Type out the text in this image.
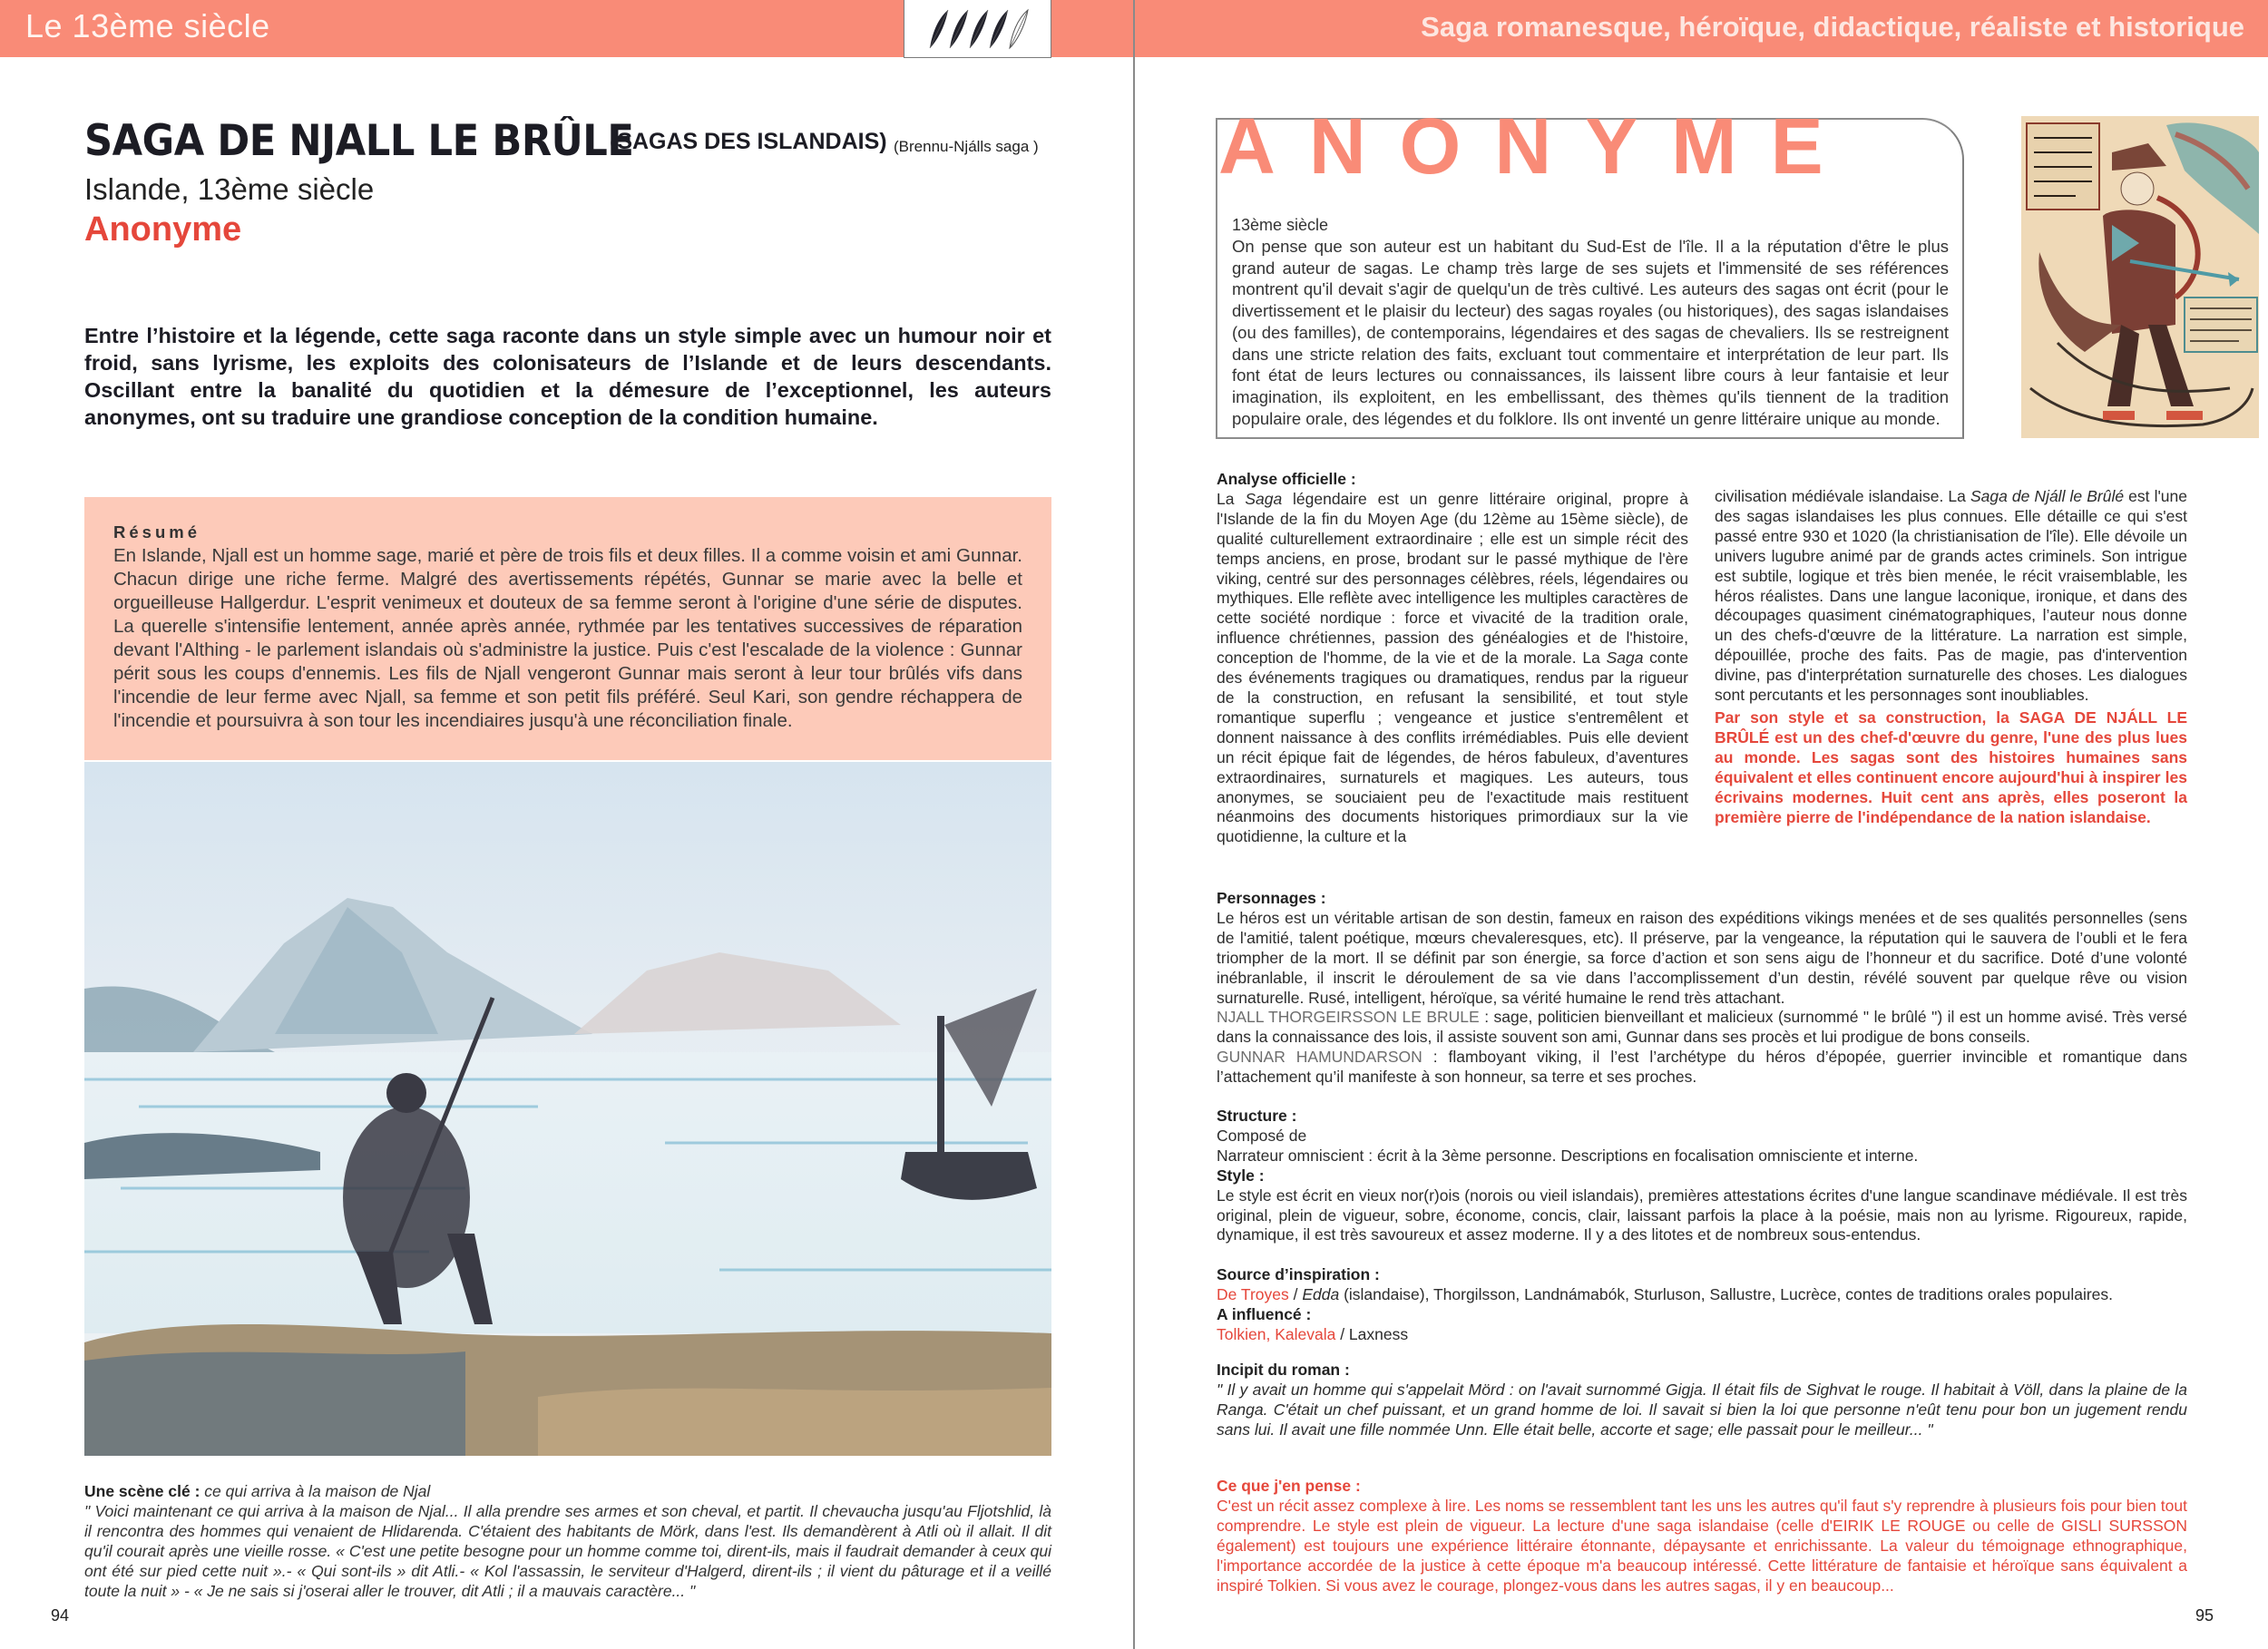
Le 13ème siècle	Saga romanesque, héroïque, didactique, réaliste et historique
SAGA DE NJALL LE BRÛLE
(SAGAS DES ISLANDAIS) (Brennu-Njálls saga )
Islande, 13ème siècle
Anonyme

Entre l’histoire et la légende, cette saga raconte dans un style simple avec un humour noir et froid, sans lyrisme, les exploits des colonisateurs de l’Islande et de leurs descendants. Oscillant entre la banalité du quotidien et la démesure de l’exceptionnel, les auteurs anonymes, ont su traduire une grandiose conception de la condition humaine.

Résumé

En Islande, Njall est un homme sage, marié et père de trois fils et deux filles. Il a comme voisin et ami Gunnar. Chacun dirige une riche ferme. Malgré des avertissements répétés, Gunnar se marie avec la belle et orgueilleuse Hallgerdur. L'esprit venimeux et douteux de sa femme seront à l'origine d'une série de disputes. La querelle s'intensifie lentement, année après année, rythmée par les tentatives successives de réparation devant l'Althing - le parlement islandais où s'administre la justice. Puis c'est l'escalade de la violence : Gunnar périt sous les coups d'ennemis. Les fils de Njall vengeront Gunnar mais seront à leur tour brûlés vifs dans l'incendie de leur ferme avec Njall, sa femme et son petit fils préféré. Seul Kari, son gendre réchappera de l'incendie et poursuivra à son tour les incendiaires jusqu'à une réconciliation finale.

Une scène clé : ce qui arriva à la maison de Njal

" Voici maintenant ce qui arriva à la maison de Njal... Il alla prendre ses armes et son cheval, et partit. Il chevaucha jusqu'au Fljotshlid, là il rencontra des hommes qui venaient de Hlidarenda. C'étaient des habitants de Mörk, dans l'est. Ils demandèrent à Atli où il allait. Il dit qu'il courait après une vieille rosse. « C'est une petite besogne pour un homme comme toi, dirent-ils, mais il faudrait demander à ceux qui ont été sur pied cette nuit ».- « Qui sont-ils » dit Atli.- « Kol l'assassin, le serviteur d'Halgerd, dirent-ils ; il vient du pâturage et il a veillé toute la nuit » - « Je ne sais si j'oserai aller le trouver, dit Atli ; il a mauvais caractère... "

94
ANONYME
13ème siècle

On pense que son auteur est un habitant du Sud-Est de l'île. Il a la réputation d'être le plus grand auteur de sagas. Le champ très large de ses sujets et l'immensité de ses références montrent qu'il devait s'agir de quelqu'un de très cultivé. Les auteurs des sagas ont écrit (pour le divertissement et le plaisir du lecteur) des sagas royales (ou historiques), des sagas islandaises (ou des familles), de contemporains, légendaires et des sagas de chevaliers. Ils se restreignent dans une stricte relation des faits, excluant tout commentaire et interprétation de leur part. Ils font état de leurs lectures ou connaissances, ils laissent libre cours à leur fantaisie et leur imagination, ils exploitent, en les embellissant, des thèmes qu'ils tiennent de la tradition populaire orale, des légendes et du folklore. Ils ont inventé un genre littéraire unique au monde.

Analyse officielle :

La Saga légendaire est un genre littéraire original, propre à l'Islande de la fin du Moyen Age (du 12ème au 15ème siècle), de qualité culturellement extraordinaire ; elle est un simple récit des temps anciens, en prose, brodant sur le passé mythique de l'ère viking, centré sur des personnages célèbres, réels, légendaires ou mythiques. Elle reflète avec intelligence les multiples caractères de cette société nordique : force et vivacité de la tradition orale, influence chrétiennes, passion des généalogies et de l'histoire, conception de l'homme, de la vie et de la morale. La Saga conte des événements tragiques ou dramatiques, rendus par la rigueur de la construction, en refusant la sensibilité, et tout style romantique superflu ; vengeance et justice s'entremêlent et donnent naissance à des conflits irrémédiables. Puis elle devient un récit épique fait de légendes, de héros fabuleux, d’aventures extraordinaires, surnaturels et magiques. Les auteurs, tous anonymes, se souciaient peu de l'exactitude mais restituent néanmoins des documents historiques primordiaux sur la vie quotidienne, la culture et la

civilisation médiévale islandaise. La Saga de Njáll le Brûlé est l'une des sagas islandaises les plus connues. Elle détaille ce qui s'est passé entre 930 et 1020 (la christianisation de l'île). Elle dévoile un univers lugubre animé par de grands actes criminels. Son intrigue est subtile, logique et très bien menée, le récit vraisemblable, les héros réalistes. Dans une langue laconique, ironique, et dans des découpages quasiment cinématographiques, l’auteur nous donne un des chefs-d'œuvre de la littérature. La narration est simple, dépouillée, proche des faits. Pas de magie, pas d'intervention divine, pas d'interprétation surnaturelle des choses. Les dialogues sont percutants et les personnages sont inoubliables.

Par son style et sa construction, la SAGA DE NJÁLL LE BRÛLÉ est un des chef-d'œuvre du genre, l'une des plus lues au monde. Les sagas sont des histoires humaines sans équivalent et elles continuent encore aujourd'hui à inspirer les écrivains modernes. Huit cent ans après, elles poseront la première pierre de l'indépendance de la nation islandaise.

Personnages :

Le héros est un véritable artisan de son destin, fameux en raison des expéditions vikings menées et de ses qualités personnelles (sens de l'amitié, talent poétique, mœurs chevaleresques, etc). Il préserve, par la vengeance, la réputation qui le sauvera de l’oubli et le fera triompher de la mort. Il se définit par son énergie, sa force d’action et son sens aigu de l’honneur et du sacrifice. Doté d’une volonté inébranlable, il inscrit le déroulement de sa vie dans l’accomplissement d’un destin, révélé souvent par quelque rêve ou vision surnaturelle. Rusé, intelligent, héroïque, sa vérité humaine le rend très attachant.

NJALL THORGEIRSSON LE BRULE : sage, politicien bienveillant et malicieux (surnommé " le brûlé ") il est un homme avisé. Très versé dans la connaissance des lois, il assiste souvent son ami, Gunnar dans ses procès et lui prodigue de bons conseils.

GUNNAR HAMUNDARSON : flamboyant viking, il l’est l’archétype du héros d’épopée, guerrier invincible et romantique dans l’attachement qu’il manifeste à son honneur, sa terre et ses proches.

Structure :

Composé de

Narrateur omniscient : écrit à la 3ème personne. Descriptions en focalisation omnisciente et interne.

Style :

Le style est écrit en vieux nor(r)ois (norois ou vieil islandais), premières attestations écrites d'une langue scandinave médiévale. Il est très original, plein de vigueur, sobre, économe, concis, clair, laissant parfois la place à la poésie, mais non au lyrisme. Rigoureux, rapide, dynamique, il est très savoureux et assez moderne. Il y a des litotes et de nombreux sous-entendus.

Source d’inspiration :

De Troyes / Edda (islandaise), Thorgilsson, Landnámabók, Sturluson, Sallustre, Lucrèce, contes de traditions orales populaires.

A influencé :

Tolkien, Kalevala / Laxness

Incipit du roman :

" Il y avait un homme qui s'appelait Mörd : on l'avait surnommé Gigja. Il était fils de Sighvat le rouge. Il habitait à Völl, dans la plaine de la Ranga. C'était un chef puissant, et un grand homme de loi. Il savait si bien la loi que personne n'eût tenu pour bon un jugement rendu sans lui. Il avait une fille nommée Unn. Elle était belle, accorte et sage; elle passait pour le meilleur... "

Ce que j'en pense :

C'est un récit assez complexe à lire. Les noms se ressemblent tant les uns les autres qu'il faut s'y reprendre à plusieurs fois pour bien tout comprendre. Le style est plein de vigueur. La lecture d'une saga islandaise (celle d'EIRIK LE ROUGE ou celle de GISLI SURSSON également) est toujours une expérience littéraire étonnante, dépaysante et enrichissante. La valeur du témoignage ethnographique, l'importance accordée de la justice à cette époque m'a beaucoup intéressé. Cette littérature de fantaisie et héroïque sans équivalent a inspiré Tolkien. Si vous avez le courage, plongez-vous dans les autres sagas, il y en beaucoup...

95
